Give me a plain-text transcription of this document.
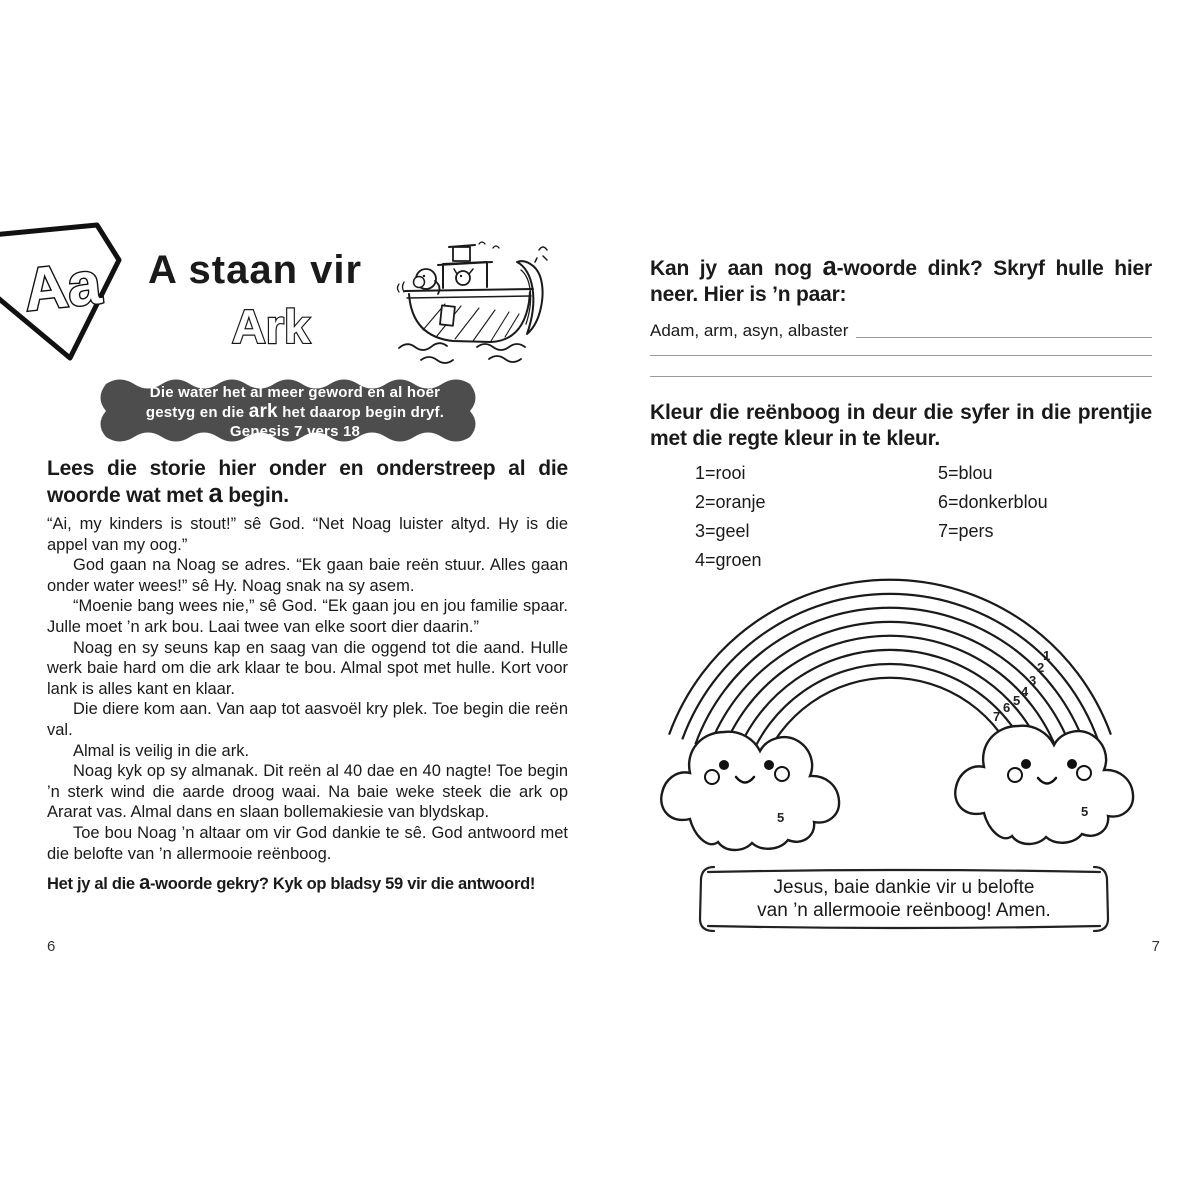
Aa A staan vir
Ark
Die water het al meer geword en al hoër
gestyg en die ark het daarop begin dryf.
Genesis 7 vers 18
Lees die storie hier onder en onderstreep al die woorde wat met a begin.

“Ai, my kinders is stout!” sê God. “Net Noag luister altyd. Hy is die appel van my oog.”

God gaan na Noag se adres. “Ek gaan baie reën stuur. Alles gaan onder water wees!” sê Hy. Noag snak na sy asem.

“Moenie bang wees nie,” sê God. “Ek gaan jou en jou familie spaar. Julle moet ’n ark bou. Laai twee van elke soort dier daarin.”

Noag en sy seuns kap en saag van die oggend tot die aand. Hulle werk baie hard om die ark klaar te bou. Almal spot met hulle. Kort voor lank is alles kant en klaar.

Die diere kom aan. Van aap tot aasvoël kry plek. Toe begin die reën val.

Almal is veilig in die ark.

Noag kyk op sy almanak. Dit reën al 40 dae en 40 nagte! Toe begin ’n sterk wind die aarde droog waai. Na baie weke steek die ark op Ararat vas. Almal dans en slaan bollemakiesie van blydskap.

Toe bou Noag ’n altaar om vir God dankie te sê. God antwoord met die belofte van ’n allermooie reënboog.

Het jy al die a-woorde gekry? Kyk op bladsy 59 vir die antwoord!
6
Kan jy aan nog a-woorde dink? Skryf hulle hier neer. Hier is ’n paar:
Adam, arm, asyn, albaster
Kleur die reënboog in deur die syfer in die prentjie met die regte kleur in te kleur.
1=rooi
2=oranje
3=geel
4=groen
5=blou
6=donkerblou
7=pers
1
2
3
4
5
6
7
5	5
Jesus, baie dankie vir u belofte
van ’n allermooie reënboog! Amen.
7
